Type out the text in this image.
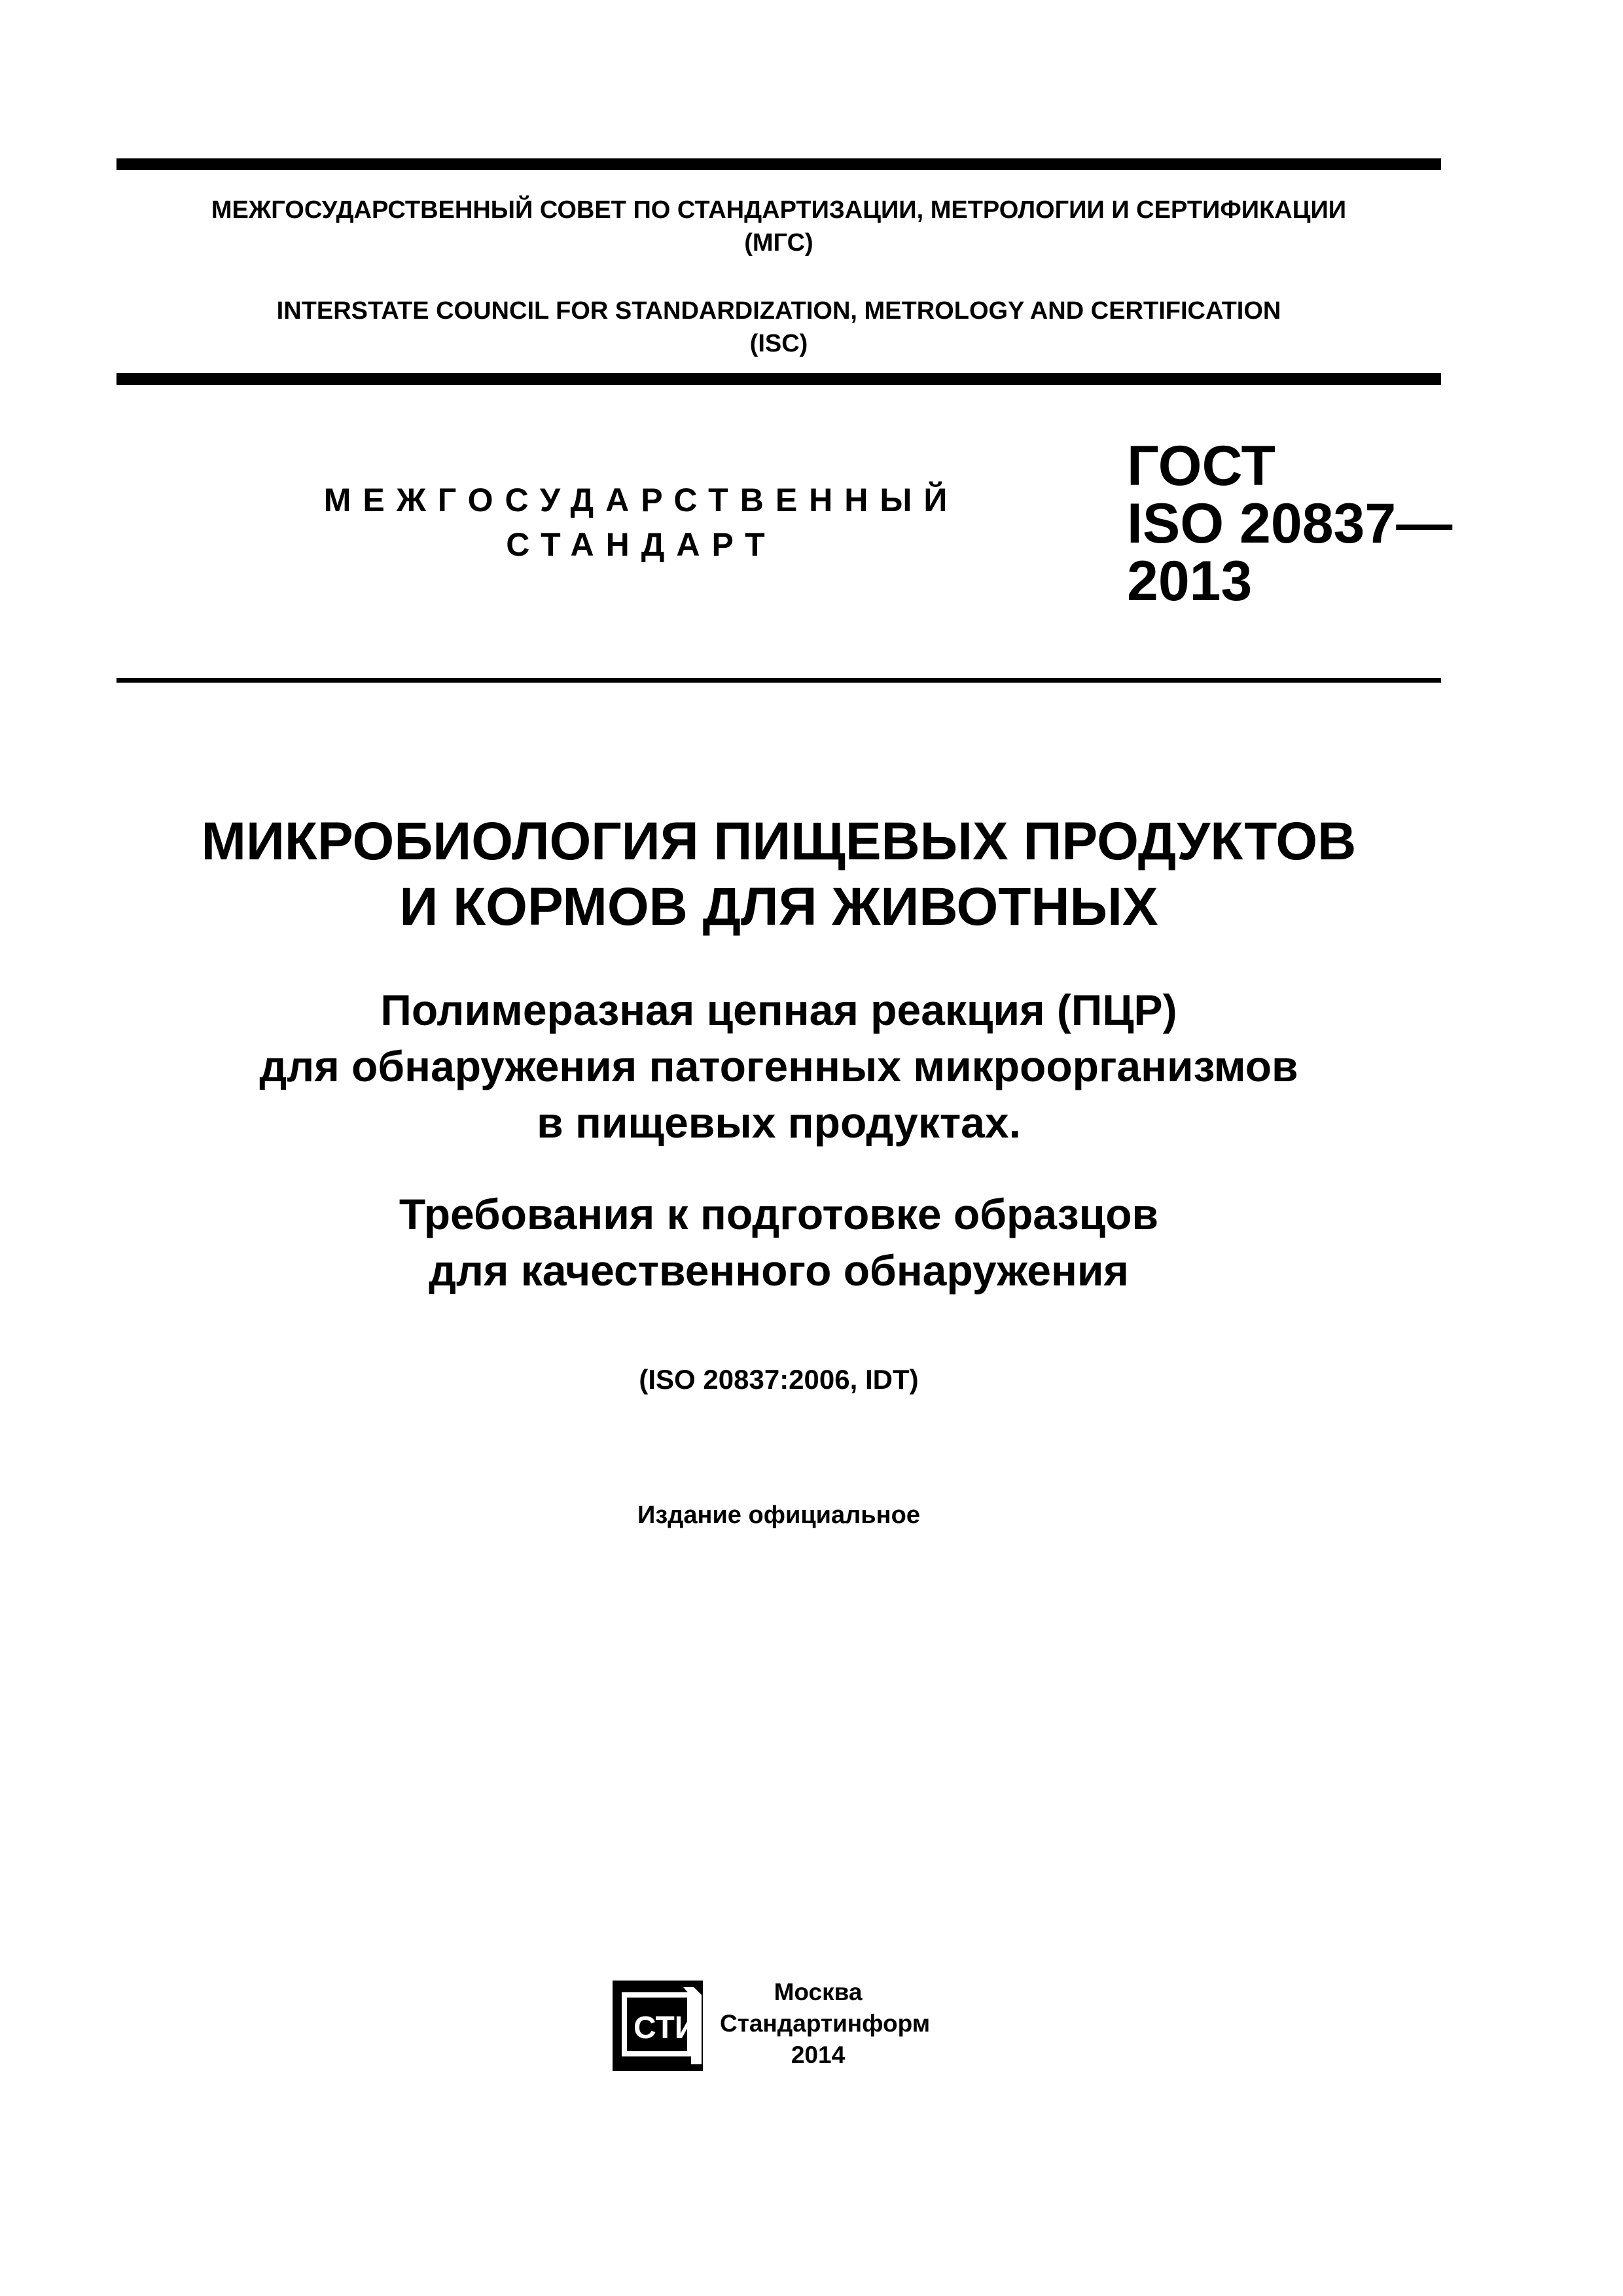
МЕЖГОСУДАРСТВЕННЫЙ СОВЕТ ПО СТАНДАРТИЗАЦИИ, МЕТРОЛОГИИ И СЕРТИФИКАЦИИ
(МГС)
INTERSTATE COUNCIL FOR STANDARDIZATION, METROLOGY AND CERTIFICATION
(ISC)
МЕЖГОСУДАРСТВЕННЫЙ
СТАНДАРТ
ГОСТ
ISO 20837—
2013
МИКРОБИОЛОГИЯ ПИЩЕВЫХ ПРОДУКТОВ
И КОРМОВ ДЛЯ ЖИВОТНЫХ
Полимеразная цепная реакция (ПЦР)
для обнаружения патогенных микроорганизмов
в пищевых продуктах.
Требования к подготовке образцов
для качественного обнаружения
(ISO 20837:2006, IDT)
Издание официальное
СТИ
Москва
Стандартинформ
2014
